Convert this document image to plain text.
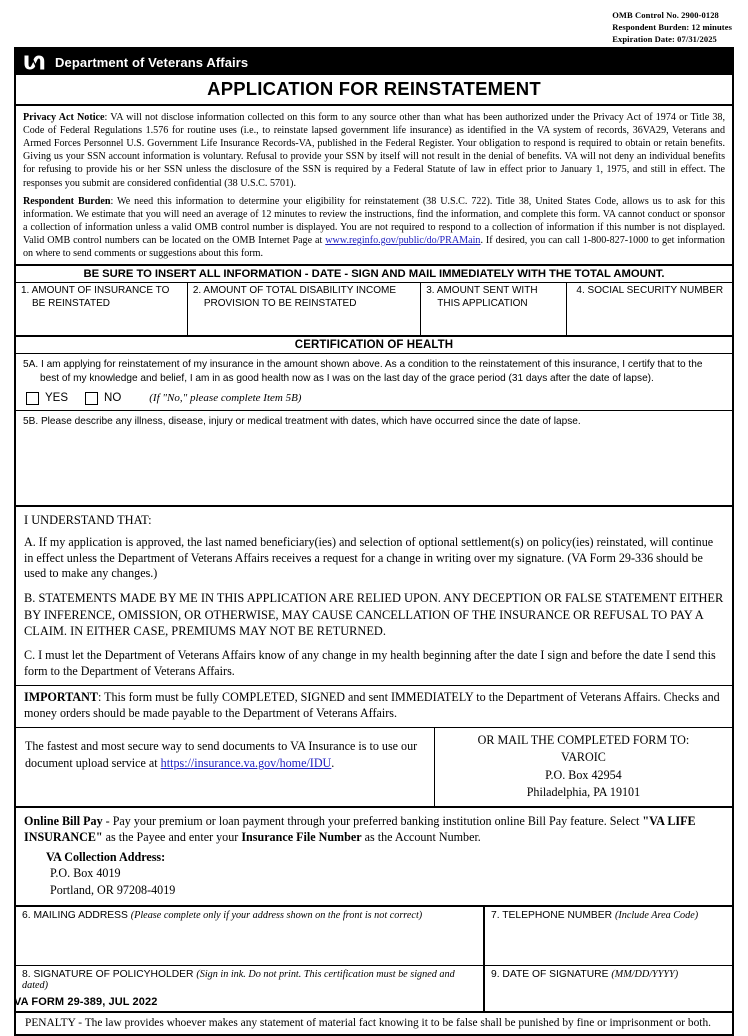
OMB Control No. 2900-0128
Respondent Burden: 12 minutes
Expiration Date: 07/31/2025
Department of Veterans Affairs
APPLICATION FOR REINSTATEMENT

Privacy Act Notice: VA will not disclose information collected on this form to any source other than what has been authorized under the Privacy Act of 1974 or Title 38, Code of Federal Regulations 1.576 for routine uses (i.e., to reinstate lapsed government life insurance) as identified in the VA system of records, 36VA29, Veterans and Armed Forces Personnel U.S. Government Life Insurance Records-VA, published in the Federal Register. Your obligation to respond is required to obtain or retain benefits. Giving us your SSN account information is voluntary. Refusal to provide your SSN by itself will not result in the denial of benefits. VA will not deny an individual benefits for refusing to provide his or her SSN unless the disclosure of the SSN is required by a Federal Statute of law in effect prior to January 1, 1975, and still in effect. The responses you submit are considered confidential (38 U.S.C. 5701).

Respondent Burden: We need this information to determine your eligibility for reinstatement (38 U.S.C. 722). Title 38, United States Code, allows us to ask for this information. We estimate that you will need an average of 12 minutes to review the instructions, find the information, and complete this form. VA cannot conduct or sponsor a collection of information unless a valid OMB control number is displayed. You are not required to respond to a collection of information if this number is not displayed. Valid OMB control numbers can be located on the OMB Internet Page at www.reginfo.gov/public/do/PRAMain. If desired, you can call 1-800-827-1000 to get information on where to send comments or suggestions about this form.

BE SURE TO INSERT ALL INFORMATION - DATE - SIGN AND MAIL IMMEDIATELY WITH THE TOTAL AMOUNT.
1. AMOUNT OF INSURANCE TO
BE REINSTATED
2. AMOUNT OF TOTAL DISABILITY INCOME
PROVISION TO BE REINSTATED
3. AMOUNT SENT WITH
THIS APPLICATION
4. SOCIAL SECURITY NUMBER
CERTIFICATION OF HEALTH
5A. I am applying for reinstatement of my insurance in the amount shown above. As a condition to the reinstatement of this insurance, I certify that to the
best of my knowledge and belief, I am in as good health now as I was on the last day of the grace period (31 days after the date of lapse).
YES	NO	(If "No," please complete Item 5B)
5B. Please describe any illness, disease, injury or medical treatment with dates, which have occurred since the date of lapse.
I UNDERSTAND THAT:

A. If my application is approved, the last named beneficiary(ies) and selection of optional settlement(s) on policy(ies) reinstated, will continue in effect unless the Department of Veterans Affairs receives a request for a change in writing over my signature. (VA Form 29-336 should be used to make any changes.)

B. STATEMENTS MADE BY ME IN THIS APPLICATION ARE RELIED UPON. ANY DECEPTION OR FALSE STATEMENT EITHER BY INFERENCE, OMISSION, OR OTHERWISE, MAY CAUSE CANCELLATION OF THE INSURANCE OR REFUSAL TO PAY A CLAIM. IN EITHER CASE, PREMIUMS MAY NOT BE RETURNED.

C. I must let the Department of Veterans Affairs know of any change in my health beginning after the date I sign and before the date I send this form to the Department of Veterans Affairs.

IMPORTANT: This form must be fully COMPLETED, SIGNED and sent IMMEDIATELY to the Department of Veterans Affairs. Checks and money orders should be made payable to the Department of Veterans Affairs.
The fastest and most secure way to send documents to VA Insurance is to use our document upload service at https://insurance.va.gov/home/IDU.
OR MAIL THE COMPLETED FORM TO:
VAROIC
P.O. Box 42954
Philadelphia, PA 19101
Online Bill Pay - Pay your premium or loan payment through your preferred banking institution online Bill Pay feature. Select "VA LIFE INSURANCE" as the Payee and enter your Insurance File Number as the Account Number.
VA Collection Address:
P.O. Box 4019
Portland, OR 97208-4019
6. MAILING ADDRESS (Please complete only if your address shown on the front is not correct)	7. TELEPHONE NUMBER (Include Area Code)
8. SIGNATURE OF POLICYHOLDER (Sign in ink. Do not print. This certification must be signed and dated)
9. DATE OF SIGNATURE (MM/DD/YYYY)
PENALTY - The law provides whoever makes any statement of material fact knowing it to be false shall be punished by fine or imprisonment or both.
VA FORM 29-389, JUL 2022
